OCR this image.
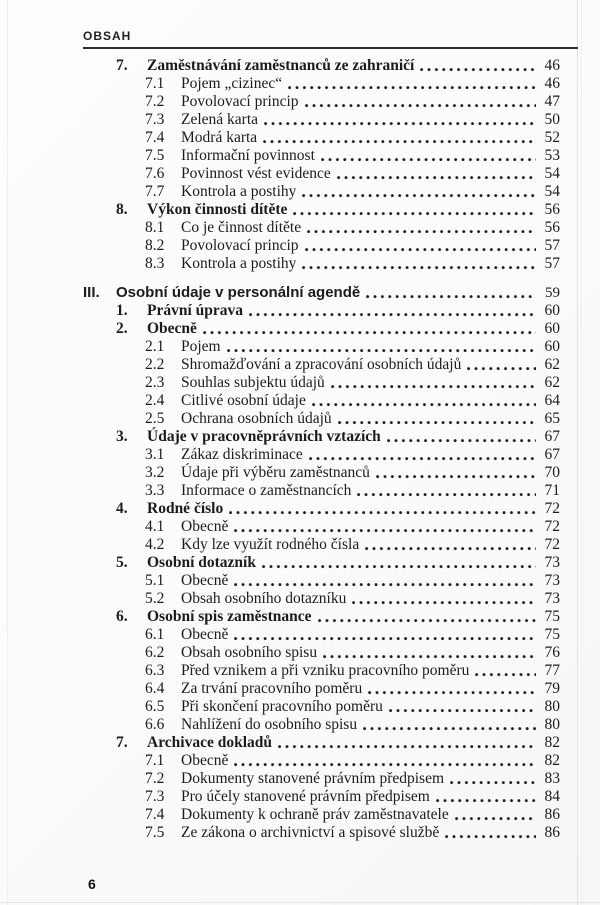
OBSAH
7.	Zaměstnávání zaměstnanců ze zahraničí	46
7.1	Pojem „cizinec“	46
7.2	Povolovací princip	47
7.3	Zelená karta	50
7.4	Modrá karta	52
7.5	Informační povinnost	53
7.6	Povinnost vést evidence	54
7.7	Kontrola a postihy	54
8.	Výkon činnosti dítěte	56
8.1	Co je činnost dítěte	56
8.2	Povolovací princip	57
8.3	Kontrola a postihy	57
III.	Osobní údaje v personální agendě	59
1.	Právní úprava	60
2.	Obecně	60
2.1	Pojem	60
2.2	Shromažďování a zpracování osobních údajů	62
2.3	Souhlas subjektu údajů	62
2.4	Citlivé osobní údaje	64
2.5	Ochrana osobních údajů	65
3.	Údaje v pracovněprávních vztazích	67
3.1	Zákaz diskriminace	67
3.2	Údaje při výběru zaměstnanců	70
3.3	Informace o zaměstnancích	71
4.	Rodné číslo	72
4.1	Obecně	72
4.2	Kdy lze využít rodného čísla	72
5.	Osobní dotazník	73
5.1	Obecně	73
5.2	Obsah osobního dotazníku	73
6.	Osobní spis zaměstnance	75
6.1	Obecně	75
6.2	Obsah osobního spisu	76
6.3	Před vznikem a při vzniku pracovního poměru	77
6.4	Za trvání pracovního poměru	79
6.5	Při skončení pracovního poměru	80
6.6	Nahlížení do osobního spisu	80
7.	Archivace dokladů	82
7.1	Obecně	82
7.2	Dokumenty stanovené právním předpisem	83
7.3	Pro účely stanovené právním předpisem	84
7.4	Dokumenty k ochraně práv zaměstnavatele	86
7.5	Ze zákona o archivnictví a spisové službě	86
6
